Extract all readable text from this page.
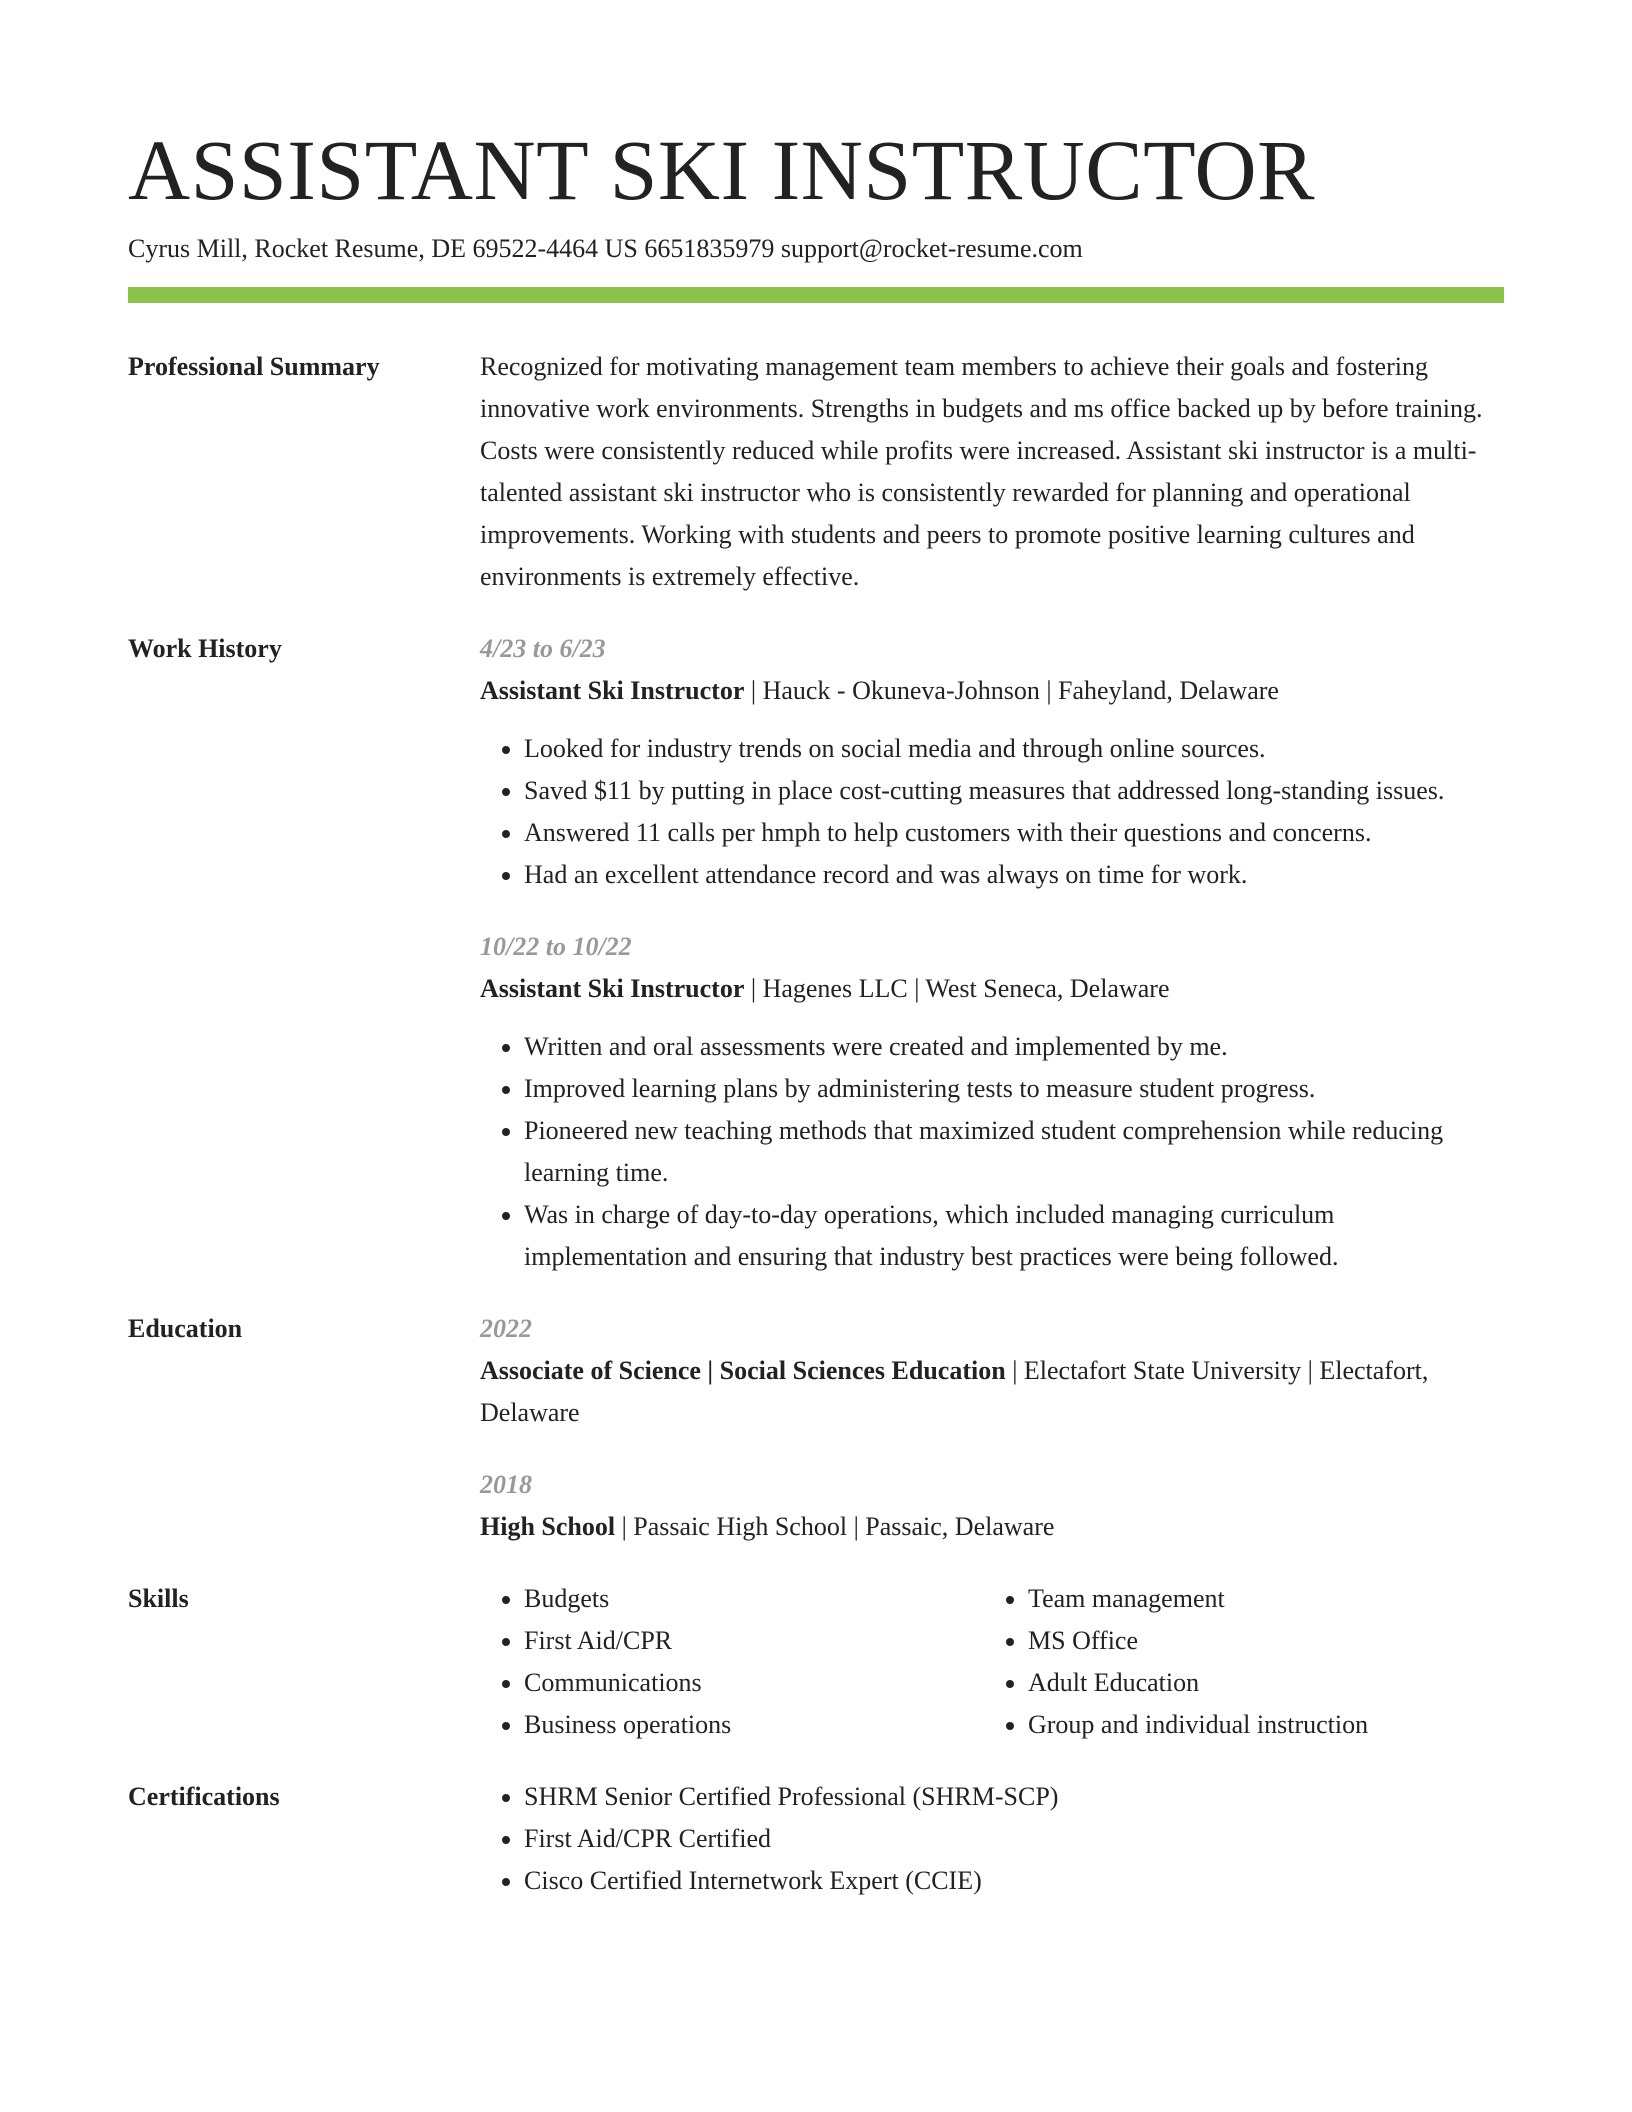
ASSISTANT SKI INSTRUCTOR
Cyrus Mill, Rocket Resume, DE 69522-4464 US 6651835979 support@rocket-resume.com
Professional Summary	Recognized for motivating management team members to achieve their goals and fostering innovative work environments. Strengths in budgets and ms office backed up by before training. Costs were consistently reduced while profits were increased. Assistant ski instructor is a multi-talented assistant ski instructor who is consistently rewarded for planning and operational improvements. Working with students and peers to promote positive learning cultures and environments is extremely effective.
Work History	4/23 to 6/23
Assistant Ski Instructor | Hauck - Okuneva-Johnson | Faheyland, Delaware
• Looked for industry trends on social media and through online sources.
• Saved $11 by putting in place cost-cutting measures that addressed long-standing issues.
• Answered 11 calls per hmph to help customers with their questions and concerns.
• Had an excellent attendance record and was always on time for work.
10/22 to 10/22
Assistant Ski Instructor | Hagenes LLC | West Seneca, Delaware
• Written and oral assessments were created and implemented by me.
• Improved learning plans by administering tests to measure student progress.
• Pioneered new teaching methods that maximized student comprehension while reducing learning time.
• Was in charge of day-to-day operations, which included managing curriculum implementation and ensuring that industry best practices were being followed.
Education	2022
Associate of Science | Social Sciences Education | Electafort State University | Electafort, Delaware
2018
High School | Passaic High School | Passaic, Delaware
Skills	• Budgets
• First Aid/CPR
• Communications
• Business operations
• Team management
• MS Office
• Adult Education
• Group and individual instruction
Certifications	• SHRM Senior Certified Professional (SHRM-SCP)
• First Aid/CPR Certified
• Cisco Certified Internetwork Expert (CCIE)
